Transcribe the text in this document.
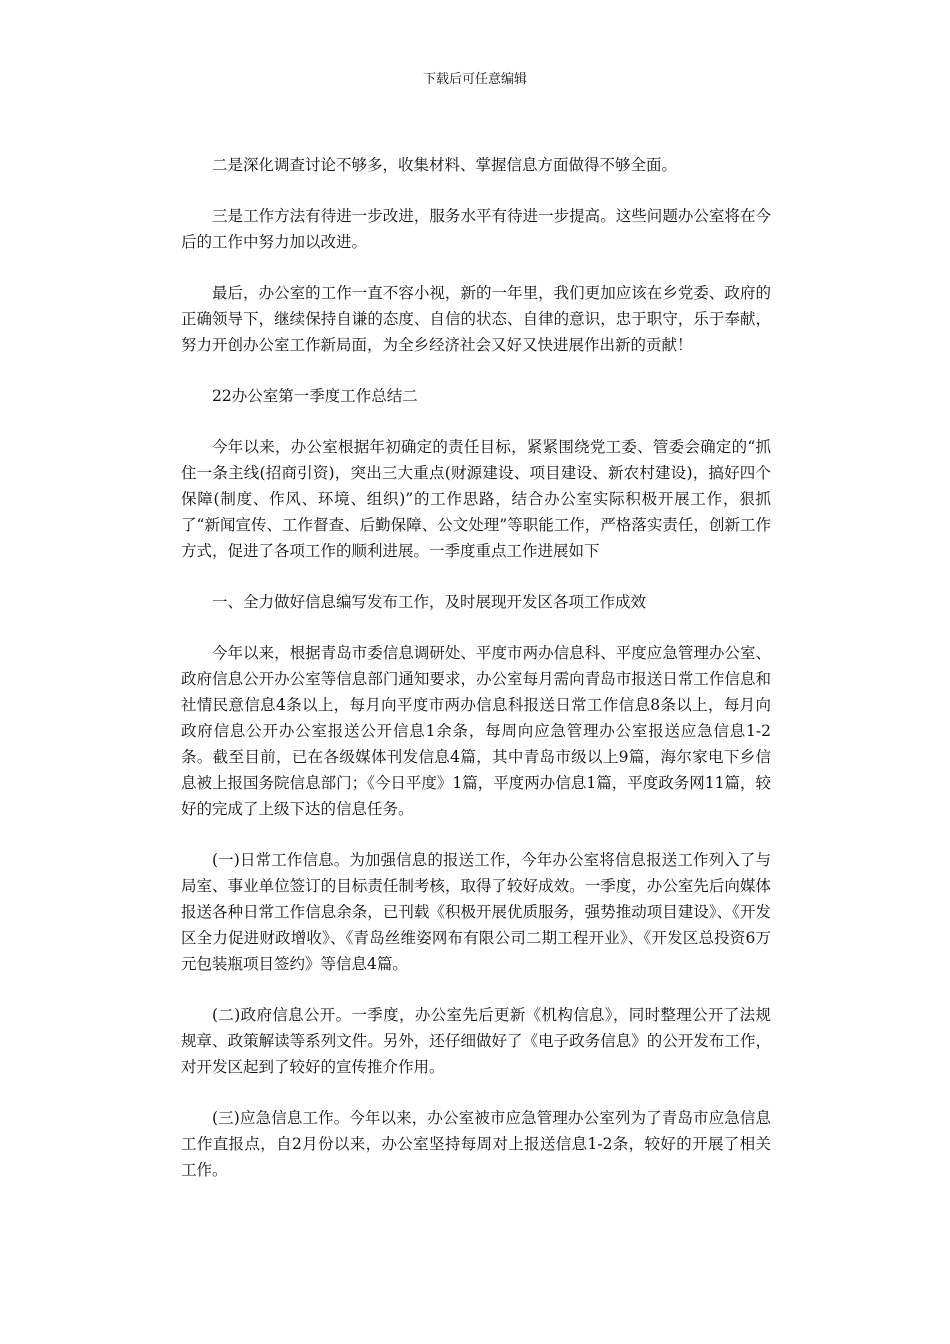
下载后可任意编辑

二是深化调查讨论不够多，收集材料、掌握信息方面做得不够全面。

三是工作方法有待进一步改进，服务水平有待进一步提高。这些问题办公室将在今后的工作中努力加以改进。

最后，办公室的工作一直不容小视，新的一年里，我们更加应该在乡党委、政府的正确领导下，继续保持自谦的态度、自信的状态、自律的意识，忠于职守，乐于奉献，努力开创办公室工作新局面，为全乡经济社会又好又快进展作出新的贡献！

22办公室第一季度工作总结二

今年以来，办公室根据年初确定的责任目标，紧紧围绕党工委、管委会确定的“抓住一条主线(招商引资)，突出三大重点(财源建设、项目建设、新农村建设)，搞好四个保障(制度、作风、环境、组织)”的工作思路，结合办公室实际积极开展工作，狠抓了“新闻宣传、工作督查、后勤保障、公文处理”等职能工作，严格落实责任，创新工作方式，促进了各项工作的顺利进展。一季度重点工作进展如下

一、全力做好信息编写发布工作，及时展现开发区各项工作成效

今年以来，根据青岛市委信息调研处、平度市两办信息科、平度应急管理办公室、政府信息公开办公室等信息部门通知要求，办公室每月需向青岛市报送日常工作信息和社情民意信息4条以上，每月向平度市两办信息科报送日常工作信息8条以上，每月向政府信息公开办公室报送公开信息1余条，每周向应急管理办公室报送应急信息1-2条。截至目前，已在各级媒体刊发信息4篇，其中青岛市级以上9篇，海尔家电下乡信息被上报国务院信息部门；《今日平度》1篇，平度两办信息1篇，平度政务网11篇，较好的完成了上级下达的信息任务。

(一)日常工作信息。为加强信息的报送工作，今年办公室将信息报送工作列入了与局室、事业单位签订的目标责任制考核，取得了较好成效。一季度，办公室先后向媒体报送各种日常工作信息余条，已刊载《积极开展优质服务，强势推动项目建设》、《开发区全力促进财政增收》、《青岛丝维姿网布有限公司二期工程开业》、《开发区总投资6万元包装瓶项目签约》等信息4篇。

(二)政府信息公开。一季度，办公室先后更新《机构信息》，同时整理公开了法规规章、政策解读等系列文件。另外，还仔细做好了《电子政务信息》的公开发布工作，对开发区起到了较好的宣传推介作用。

(三)应急信息工作。今年以来，办公室被市应急管理办公室列为了青岛市应急信息工作直报点，自2月份以来，办公室坚持每周对上报送信息1-2条，较好的开展了相关工作。
